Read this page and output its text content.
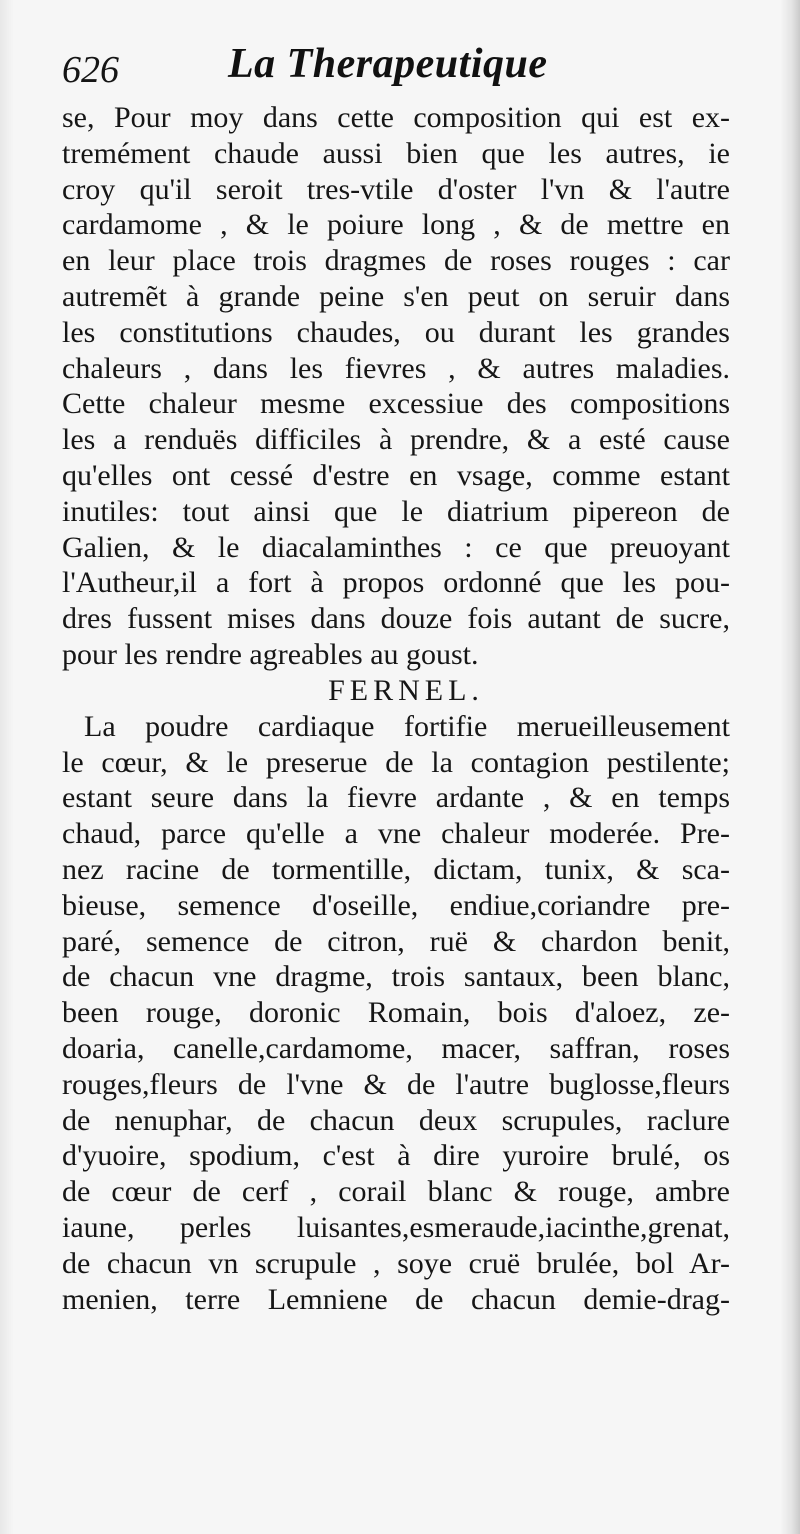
626	La Therapeutique
se, Pour moy dans cette composition qui est ex-
tremément chaude aussi bien que les autres, ie
croy qu'il seroit tres-vtile d'oster l'vn & l'autre
cardamome , & le poiure long , & de mettre en
en leur place trois dragmes de roses rouges : car
autremẽt à grande peine s'en peut on seruir dans
les constitutions chaudes, ou durant les grandes
chaleurs , dans les fievres , & autres maladies.
Cette chaleur mesme excessiue des compositions
les a renduës difficiles à prendre, & a esté cause
qu'elles ont cessé d'estre en vsage, comme estant
inutiles: tout ainsi que le diatrium pipereon de
Galien, & le diacalaminthes : ce que preuoyant
l'Autheur,il a fort à propos ordonné que les pou-
dres fussent mises dans douze fois autant de sucre,
pour les rendre agreables au goust.
FERNEL.
La poudre cardiaque fortifie merueilleusement
le cœur, & le preserue de la contagion pestilente;
estant seure dans la fievre ardante , & en temps
chaud, parce qu'elle a vne chaleur moderée. Pre-
nez racine de tormentille, dictam, tunix, & sca-
bieuse, semence d'oseille, endiue,coriandre pre-
paré, semence de citron, ruë & chardon benit,
de chacun vne dragme, trois santaux, been blanc,
been rouge, doronic Romain, bois d'aloez, ze-
doaria, canelle,cardamome, macer, saffran, roses
rouges,fleurs de l'vne & de l'autre buglosse,fleurs
de nenuphar, de chacun deux scrupules, raclure
d'yuoire, spodium, c'est à dire yuroire brulé, os
de cœur de cerf , corail blanc & rouge, ambre
iaune, perles luisantes,esmeraude,iacinthe,grenat,
de chacun vn scrupule , soye cruë brulée, bol Ar-
menien, terre Lemniene de chacun demie-drag-
